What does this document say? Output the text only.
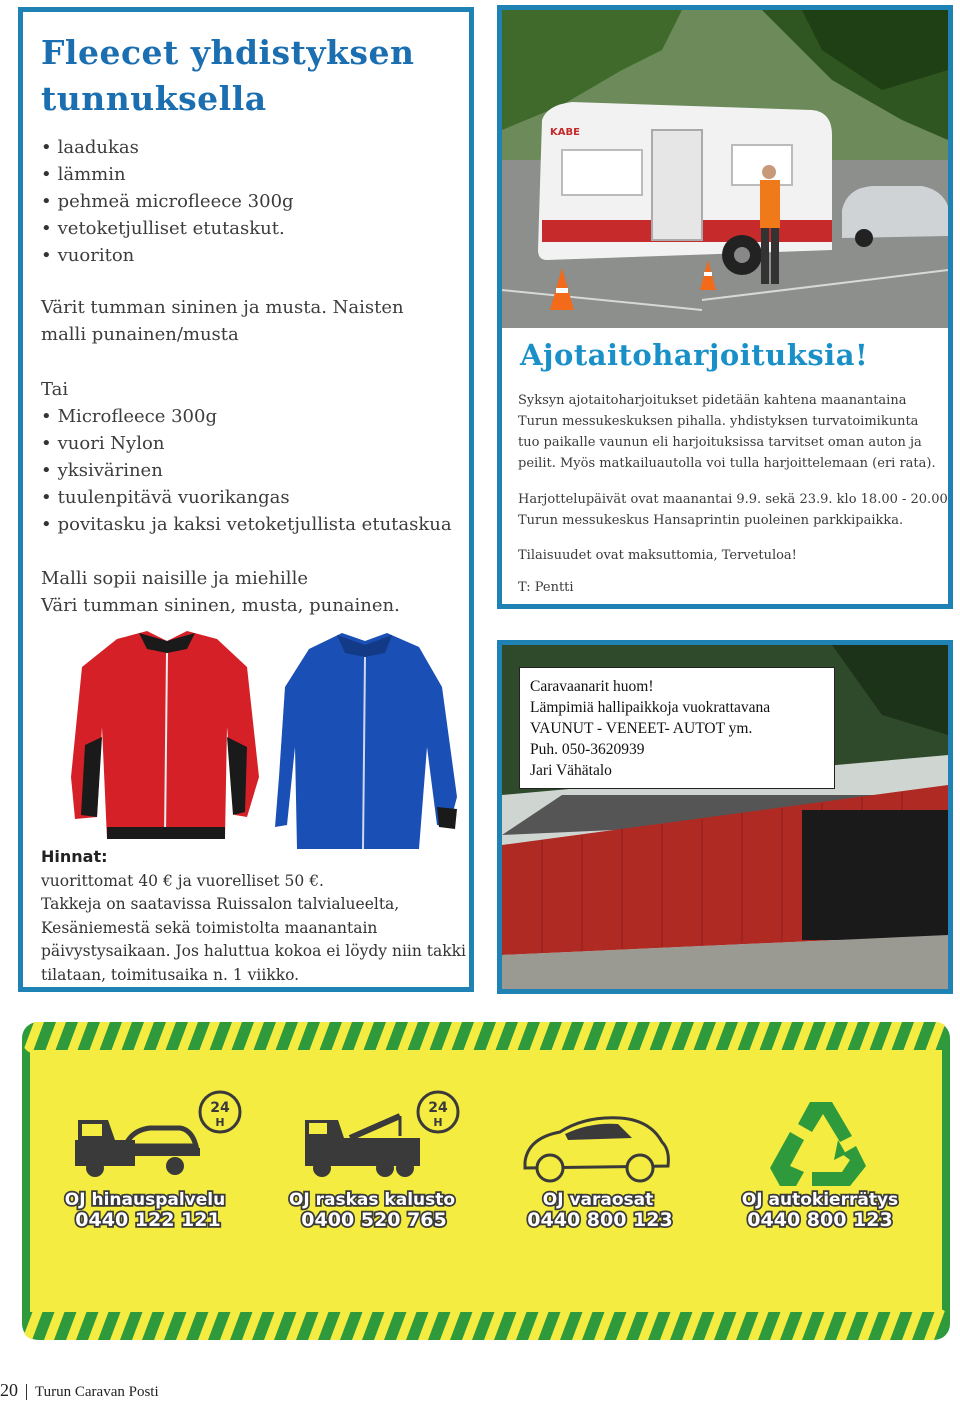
Fleecet yhdistyksen
tunnuksella
• laadukas
• lämmin
• pehmeä microfleece 300g
• vetoketjulliset etutaskut.
• vuoriton
Värit tumman sininen ja musta. Naisten
malli punainen/musta
Tai
• Microfleece 300g
• vuori Nylon
• yksivärinen
• tuulenpitävä vuorikangas
• povitasku ja kaksi vetoketjullista etutaskua
Malli sopii naisille ja miehille
Väri tumman sininen, musta, punainen.
Hinnat:
vuorittomat 40 € ja vuorelliset 50 €.
Takkeja on saatavissa Ruissalon talvialueelta,
Kesäniemestä sekä toimistolta maanantain
päivystysaikaan. Jos haluttua kokoa ei löydy niin takki
tilataan, toimitusaika n. 1 viikko.
KABE
Ajotaitoharjoituksia!
Syksyn ajotaitoharjoitukset pidetään kahtena maanantaina
Turun messukeskuksen pihalla. yhdistyksen turvatoimikunta
tuo paikalle vaunun eli harjoituksissa tarvitset oman auton ja
peilit. Myös matkailuautolla voi tulla harjoittelemaan (eri rata).
Harjottelupäivät ovat maanantai 9.9. sekä 23.9. klo 18.00 - 20.00
Turun messukeskus Hansaprintin puoleinen parkkipaikka.
Tilaisuudet ovat maksuttomia, Tervetuloa!
T: Pentti
Caravaanarit huom!
Lämpimiä hallipaikkoja vuokrattavana
VAUNUT - VENEET- AUTOT ym.
Puh. 050-3620939
Jari Vähätalo
24
H
OJ hinauspalvelu
0440 122 121
24
H
OJ raskas kalusto
0400 520 765
OJ varaosat
0440 800 123
OJ autokierrätys
0440 800 123
20 Turun Caravan Posti
